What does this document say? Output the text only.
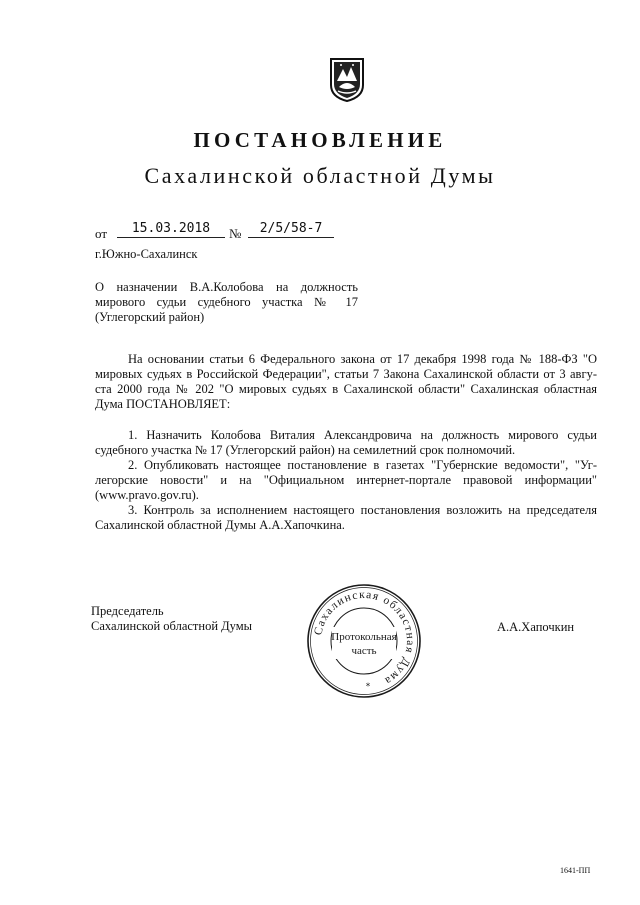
ПОСТАНОВЛЕНИЕ
Сахалинской областной Думы
от	15.03.2018	№	2/5/58-7
г.Южно-Сахалинск
О назначении В.А.Колобова на должность
мирового судьи судебного участка № 17
(Углегорский район)
На основании статьи 6 Федерального закона от 17 декабря 1998 года № 188-ФЗ "О
мировых судьях в Российской Федерации", статьи 7 Закона Сахалинской области от 3 авгу-
ста 2000 года № 202 "О мировых судьях в Сахалинской области" Сахалинская областная
Дума ПОСТАНОВЛЯЕТ:
1. Назначить Колобова Виталия Александровича на должность мирового судьи
судебного участка № 17 (Углегорский район) на семилетний срок полномочий.
2. Опубликовать настоящее постановление в газетах "Губернские ведомости", "Уг-
легорские новости" и на "Официальном интернет-портале правовой информации"
(www.pravo.gov.ru).
3. Контроль за исполнением настоящего постановления возложить на председателя
Сахалинской областной Думы А.А.Хапочкина.
Председатель
Сахалинской областной Думы	А.А.Хапочкин
Сахалинская областная Дума
*
Протокольная
часть
1641-ПП
